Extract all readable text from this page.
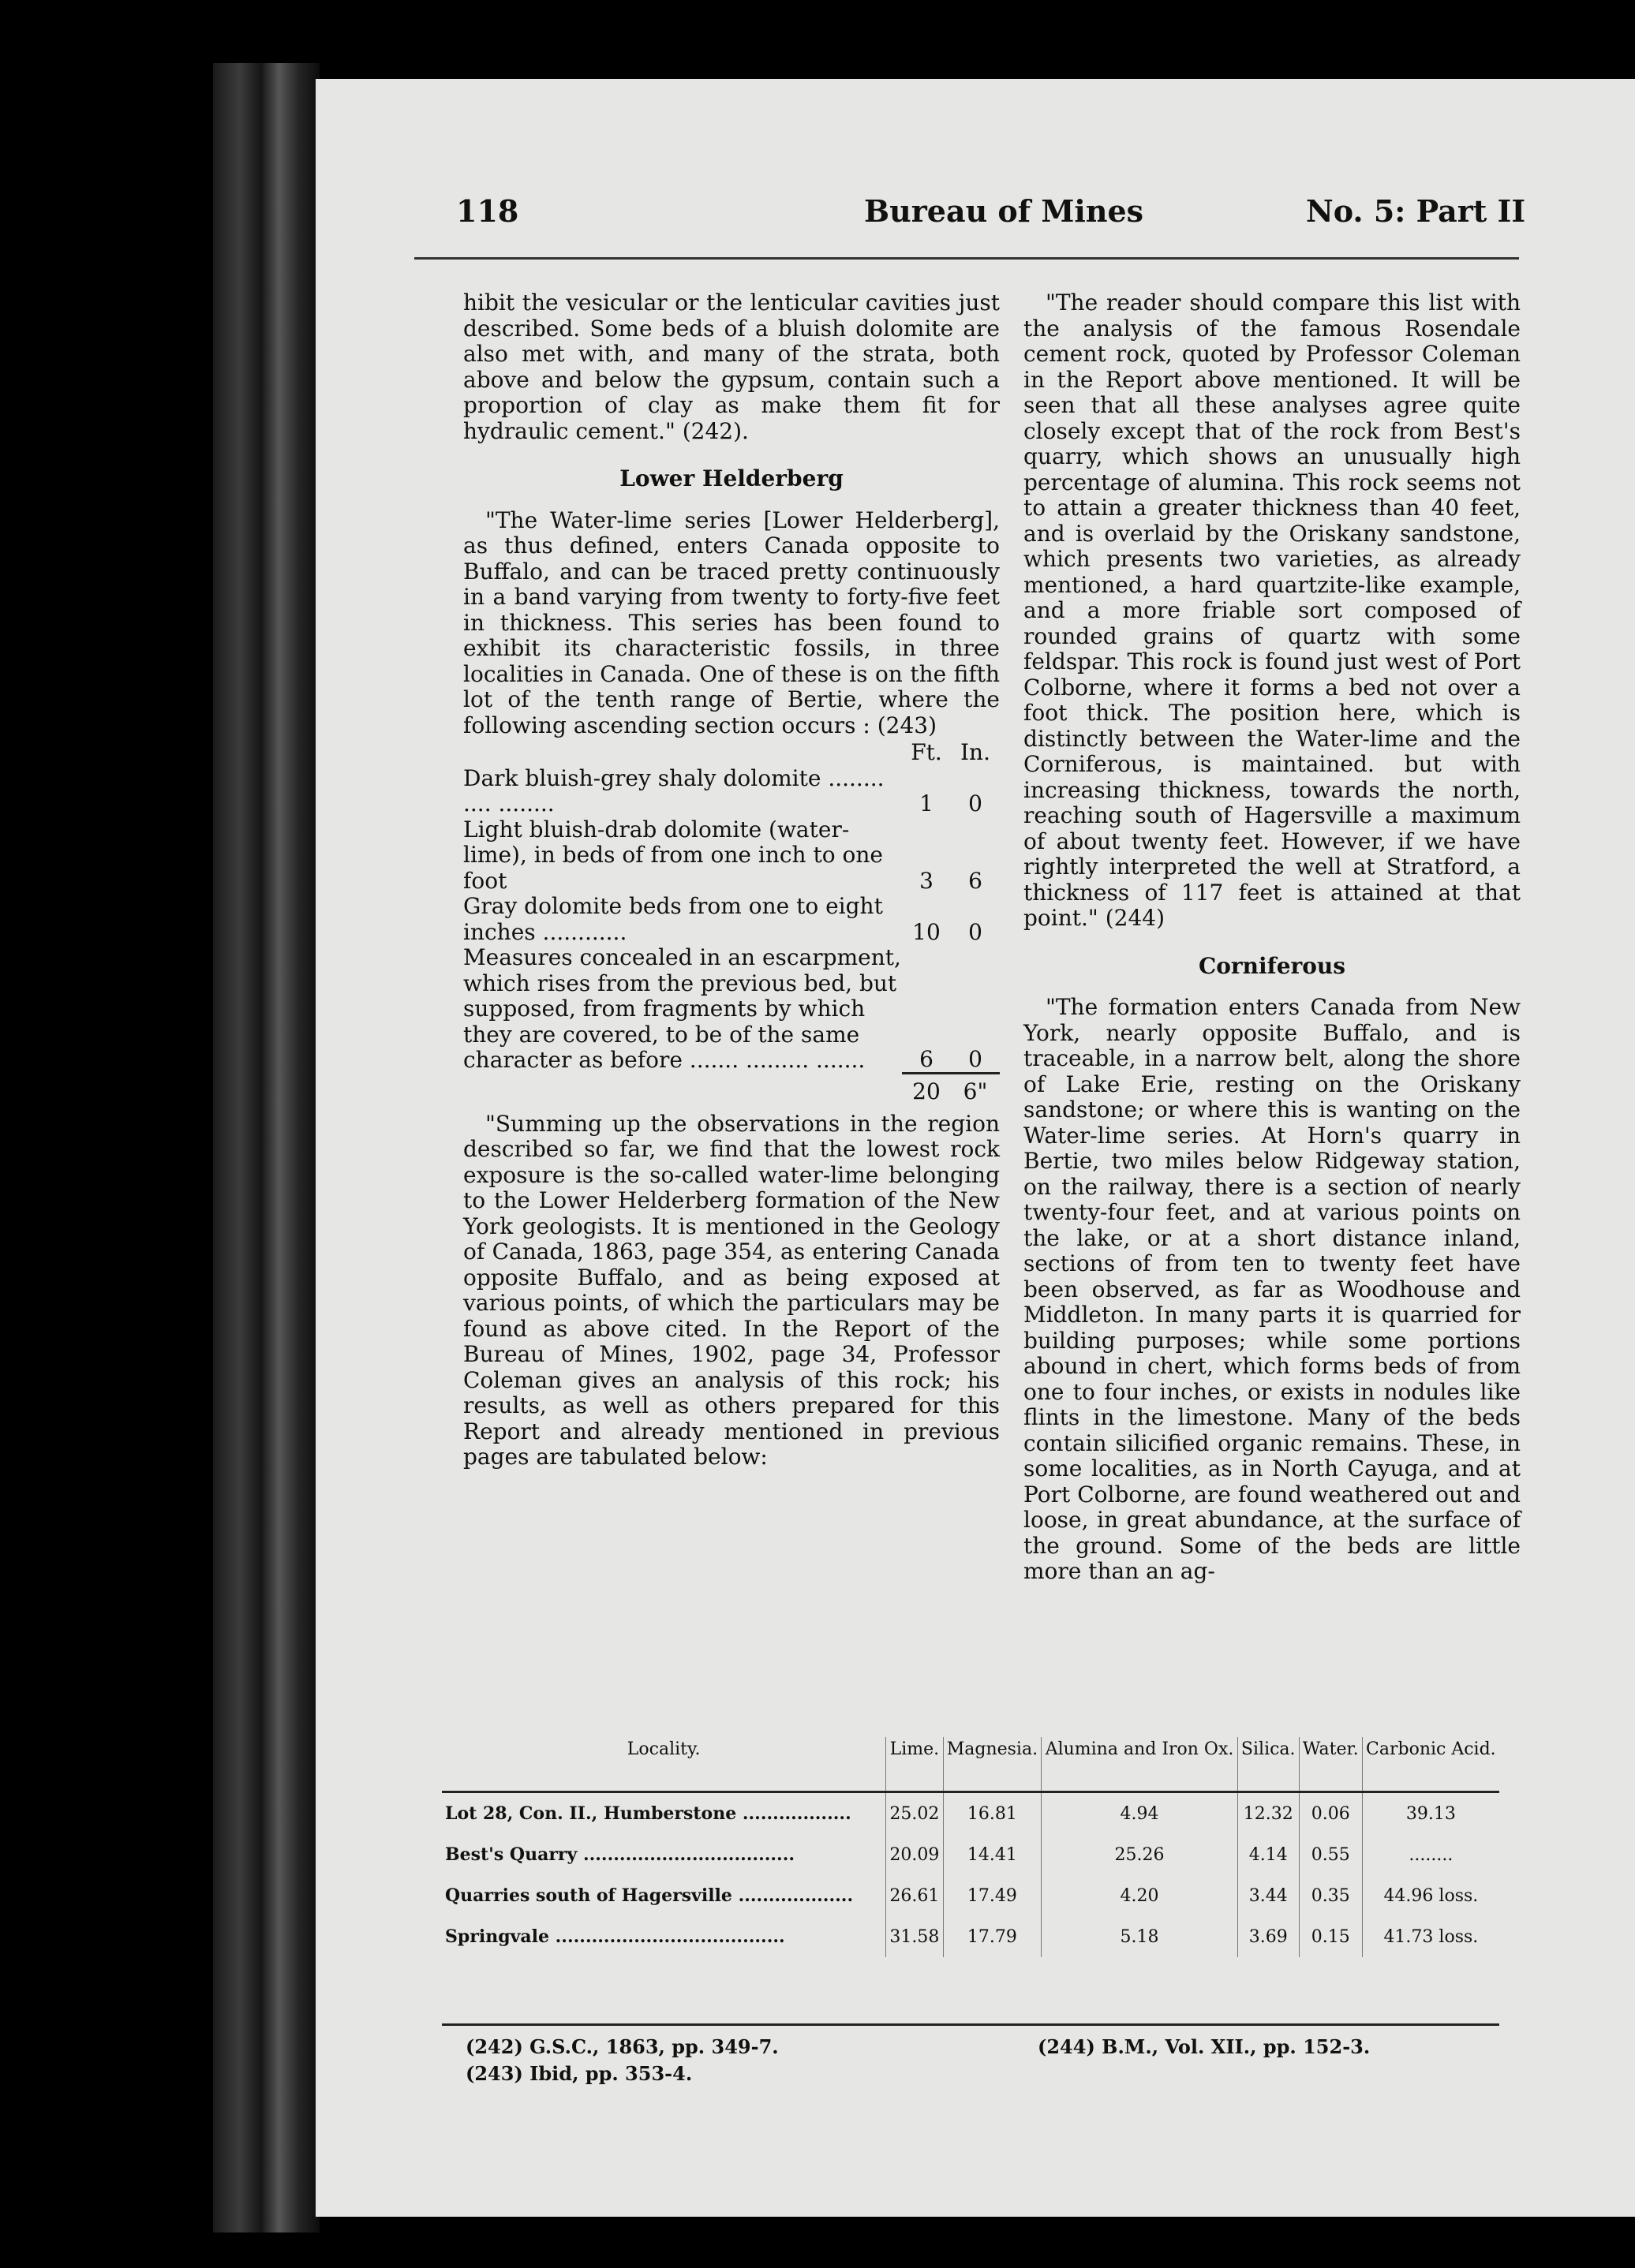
118	Bureau of Mines	No. 5: Part II

hibit the vesicular or the lenticular cavities just described. Some beds of a bluish dolomite are also met with, and many of the strata, both above and below the gypsum, contain such a proportion of clay as make them fit for hydraulic cement." (242).

Lower Helderberg

"The Water-lime series [Lower Helderberg], as thus defined, enters Canada opposite to Buffalo, and can be traced pretty continuously in a band varying from twenty to forty-five feet in thickness. This series has been found to exhibit its characteristic fossils, in three localities in Canada. One of these is on the fifth lot of the tenth range of Bertie, where the following ascending section occurs : (243)

	Ft.	In.
Dark bluish-grey shaly dolomite ........ .... ........	1	0
Light bluish-drab dolomite (water-lime), in beds of from one inch to one foot	3	6
Gray dolomite beds from one to eight inches ............	10	0
Measures concealed in an escarpment, which rises from the previous bed, but supposed, from fragments by which they are covered, to be of the same character as before ....... ......... .......	6	0
	20	6"

"Summing up the observations in the region described so far, we find that the lowest rock exposure is the so-called water-lime belonging to the Lower Helderberg formation of the New York geologists. It is mentioned in the Geology of Canada, 1863, page 354, as entering Canada opposite Buffalo, and as being exposed at various points, of which the particulars may be found as above cited. In the Report of the Bureau of Mines, 1902, page 34, Professor Coleman gives an analysis of this rock; his results, as well as others prepared for this Report and already mentioned in previous pages are tabulated below:

"The reader should compare this list with the analysis of the famous Rosendale cement rock, quoted by Professor Coleman in the Report above mentioned. It will be seen that all these analyses agree quite closely except that of the rock from Best's quarry, which shows an unusually high percentage of alumina. This rock seems not to attain a greater thickness than 40 feet, and is overlaid by the Oriskany sandstone, which presents two varieties, as already mentioned, a hard quartzite-like example, and a more friable sort composed of rounded grains of quartz with some feldspar. This rock is found just west of Port Colborne, where it forms a bed not over a foot thick. The position here, which is distinctly between the Water-lime and the Corniferous, is maintained. but with increasing thickness, towards the north, reaching south of Hagersville a maximum of about twenty feet. However, if we have rightly interpreted the well at Stratford, a thickness of 117 feet is attained at that point." (244)

Corniferous

"The formation enters Canada from New York, nearly opposite Buffalo, and is traceable, in a narrow belt, along the shore of Lake Erie, resting on the Oriskany sandstone; or where this is wanting on the Water-lime series. At Horn's quarry in Bertie, two miles below Ridgeway station, on the railway, there is a section of nearly twenty-four feet, and at various points on the lake, or at a short distance inland, sections of from ten to twenty feet have been observed, as far as Woodhouse and Middleton. In many parts it is quarried for building purposes; while some portions abound in chert, which forms beds of from one to four inches, or exists in nodules like flints in the limestone. Many of the beds contain silicified organic remains. These, in some localities, as in North Cayuga, and at Port Colborne, are found weathered out and loose, in great abundance, at the surface of the ground. Some of the beds are little more than an ag-

Locality.	Lime.	Magnesia.	Alumina and Iron Ox.	Silica.	Water.	Carbonic Acid.
Lot 28, Con. II., Humberstone ..................	25.02	16.81	4.94	12.32	0.06	39.13
Best's Quarry ...................................	20.09	14.41	25.26	4.14	0.55	........
Quarries south of Hagersville ...................	26.61	17.49	4.20	3.44	0.35	44.96 loss.
Springvale ......................................	31.58	17.79	5.18	3.69	0.15	41.73 loss.
(242) G.S.C., 1863, pp. 349-7.
(243) Ibid, pp. 353-4.
(244) B.M., Vol. XII., pp. 152-3.
